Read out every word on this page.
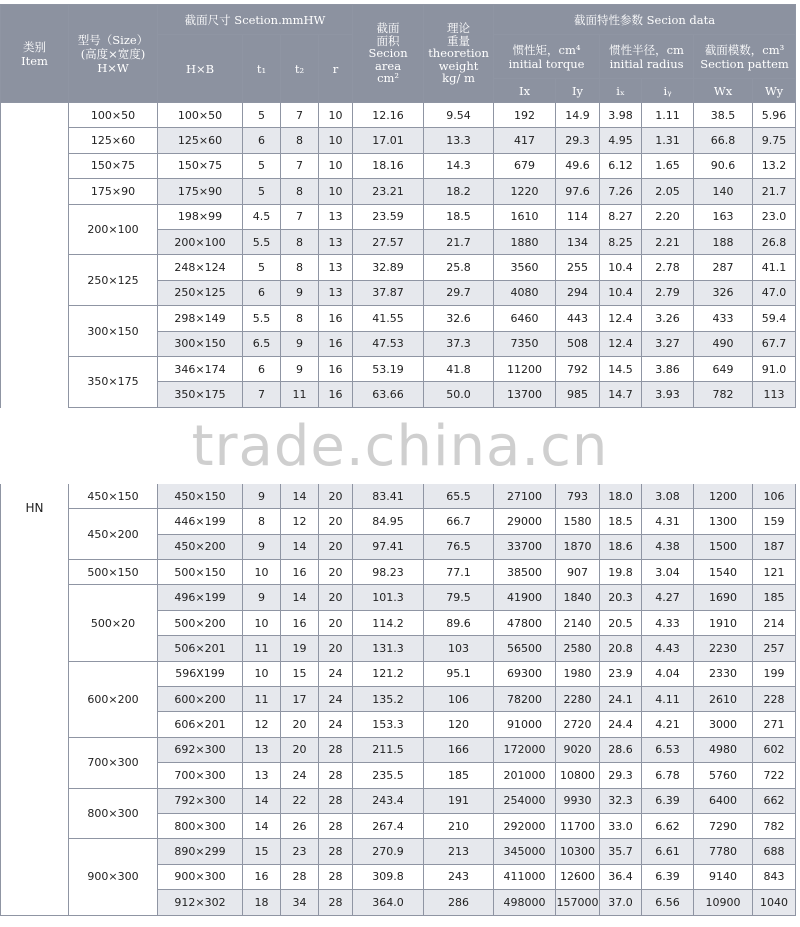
类别
Item	型号（Size）
(高度×宽度)
H×W	截面尺寸 Scetion.mmHW				截面
面积
Secion
area
cm²	理论
重量
theoretion
weight
kg/ m	截面特性参数 Secion data					
		H×B	t₁	t₂	r			惯性矩，cm⁴
initial torque		惯性半径，cm
initial radius		截面模数，cm³
Section pattem	
								Ix	Iy	iₓ	iᵧ	Wx	Wy
HN	100×50	100×50	5	7	10	12.16	9.54	192	14.9	3.98	1.11	38.5	5.96
	125×60	125×60	6	8	10	17.01	13.3	417	29.3	4.95	1.31	66.8	9.75
	150×75	150×75	5	7	10	18.16	14.3	679	49.6	6.12	1.65	90.6	13.2
	175×90	175×90	5	8	10	23.21	18.2	1220	97.6	7.26	2.05	140	21.7
	200×100	198×99	4.5	7	13	23.59	18.5	1610	114	8.27	2.20	163	23.0
		200×100	5.5	8	13	27.57	21.7	1880	134	8.25	2.21	188	26.8
	250×125	248×124	5	8	13	32.89	25.8	3560	255	10.4	2.78	287	41.1
		250×125	6	9	13	37.87	29.7	4080	294	10.4	2.79	326	47.0
	300×150	298×149	5.5	8	16	41.55	32.6	6460	443	12.4	3.26	433	59.4
		300×150	6.5	9	16	47.53	37.3	7350	508	12.4	3.27	490	67.7
	350×175	346×174	6	9	16	53.19	41.8	11200	792	14.5	3.86	649	91.0
		350×175	7	11	16	63.66	50.0	13700	985	14.7	3.93	782	113

	450×150	450×150	9	14	20	83.41	65.5	27100	793	18.0	3.08	1200	106
	450×200	446×199	8	12	20	84.95	66.7	29000	1580	18.5	4.31	1300	159
		450×200	9	14	20	97.41	76.5	33700	1870	18.6	4.38	1500	187
	500×150	500×150	10	16	20	98.23	77.1	38500	907	19.8	3.04	1540	121
	500×20	496×199	9	14	20	101.3	79.5	41900	1840	20.3	4.27	1690	185
		500×200	10	16	20	114.2	89.6	47800	2140	20.5	4.33	1910	214
		506×201	11	19	20	131.3	103	56500	2580	20.8	4.43	2230	257
	600×200	596X199	10	15	24	121.2	95.1	69300	1980	23.9	4.04	2330	199
		600×200	11	17	24	135.2	106	78200	2280	24.1	4.11	2610	228
		606×201	12	20	24	153.3	120	91000	2720	24.4	4.21	3000	271
	700×300	692×300	13	20	28	211.5	166	172000	9020	28.6	6.53	4980	602
		700×300	13	24	28	235.5	185	201000	10800	29.3	6.78	5760	722
	800×300	792×300	14	22	28	243.4	191	254000	9930	32.3	6.39	6400	662
		800×300	14	26	28	267.4	210	292000	11700	33.0	6.62	7290	782
	900×300	890×299	15	23	28	270.9	213	345000	10300	35.7	6.61	7780	688
		900×300	16	28	28	309.8	243	411000	12600	36.4	6.39	9140	843
		912×302	18	34	28	364.0	286	498000	157000	37.0	6.56	10900	1040
trade.china.cn
